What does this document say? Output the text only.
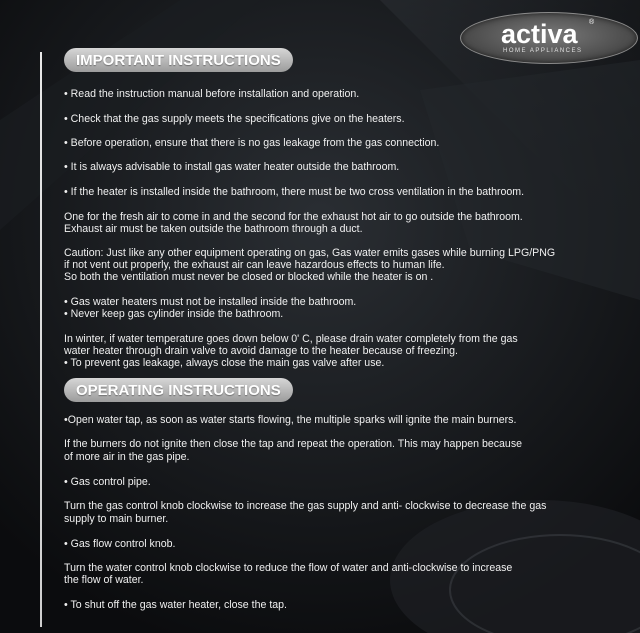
activa ®
HOME APPLIANCES
IMPORTANT INSTRUCTIONS
• Read the instruction manual before installation and operation.
• Check that the gas supply meets the specifications give on the heaters.
• Before operation, ensure that there is no gas leakage from the gas connection.
• It is always advisable to install gas water heater outside the bathroom.
• If the heater is installed inside the bathroom, there must be two cross ventilation in the bathroom.
One for the fresh air to come in and the second for the exhaust hot air to go outside the bathroom.
Exhaust air must be taken outside the bathroom through a duct.
Caution: Just like any other equipment operating on gas, Gas water emits gases while burning LPG/PNG
if not vent out properly, the exhaust air can leave hazardous effects to human life.
So both the ventilation must never be closed or blocked while the heater is on .
• Gas water heaters must not be installed inside the bathroom.
• Never keep gas cylinder inside the bathroom.
In winter, if water temperature goes down below 0' C, please drain water completely from the gas
water heater through drain valve to avoid damage to the heater because of freezing.
• To prevent gas leakage, always close the main gas valve after use.
OPERATING INSTRUCTIONS
•Open water tap, as soon as water starts flowing, the multiple sparks will ignite the main burners.
If the burners do not ignite then close the tap and repeat the operation. This may happen because
of more air in the gas pipe.
• Gas control pipe.
Turn the gas control knob clockwise to increase the gas supply and anti- clockwise to decrease the gas
supply to main burner.
• Gas flow control knob.
Turn the water control knob clockwise to reduce the flow of water and anti-clockwise to increase
the flow of water.
• To shut off the gas water heater, close the tap.
